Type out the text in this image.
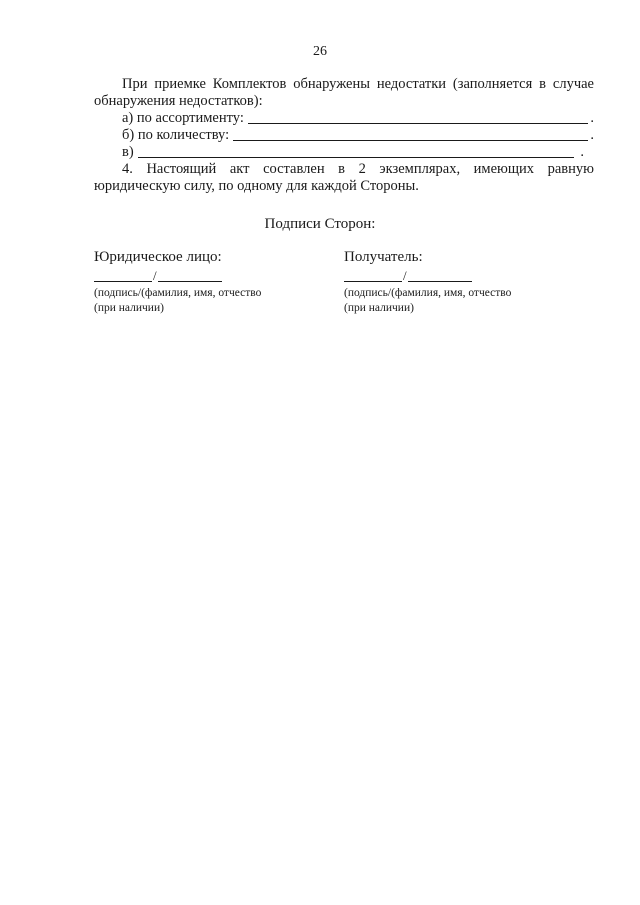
26
При приемке Комплектов обнаружены недостатки (заполняется в случае
обнаружения недостатков):
а) по ассортименту:	.
б) по количеству:	.
в)	.
4. Настоящий акт составлен в 2 экземплярах, имеющих равную
юридическую силу, по одному для каждой Стороны.
Подписи Сторон:
Юридическое лицо:
/
(подпись/(фамилия, имя, отчество
(при наличии)
Получатель:
/
(подпись/(фамилия, имя, отчество
(при наличии)
